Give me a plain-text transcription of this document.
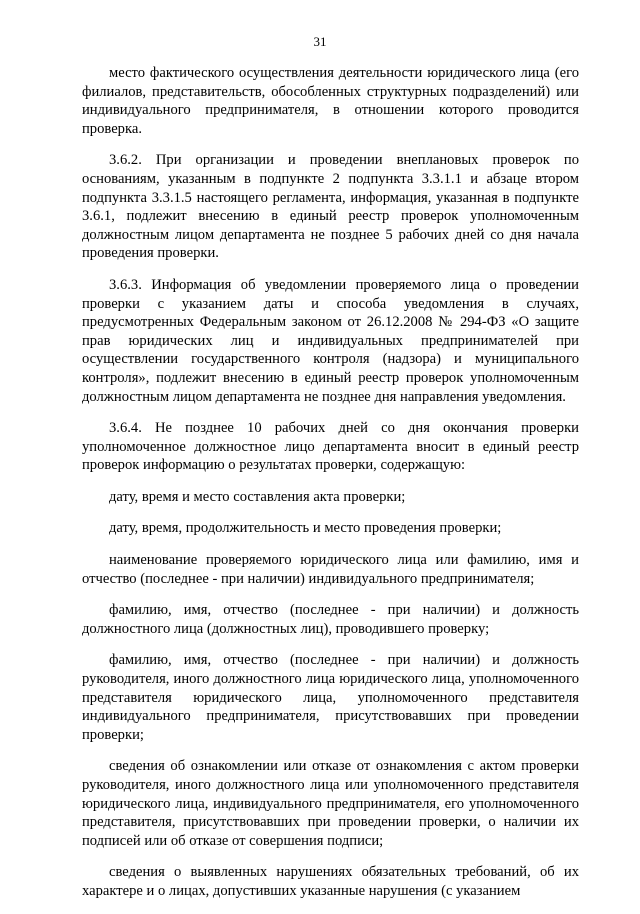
31

место фактического осуществления деятельности юридического лица (его филиалов, представительств, обособленных структурных подразделений) или индивидуального предпринимателя, в отношении которого проводится проверка.

3.6.2. При организации и проведении внеплановых проверок по основаниям, указанным в подпункте 2 подпункта 3.3.1.1 и абзаце втором подпункта 3.3.1.5 настоящего регламента, информация, указанная в подпункте 3.6.1, подлежит внесению в единый реестр проверок уполномоченным должностным лицом департамента не позднее 5 рабочих дней со дня начала проведения проверки.

3.6.3. Информация об уведомлении проверяемого лица о проведении проверки с указанием даты и способа уведомления в случаях, предусмотренных Федеральным законом от 26.12.2008 № 294-ФЗ «О защите прав юридических лиц и индивидуальных предпринимателей при осуществлении государственного контроля (надзора) и муниципального контроля», подлежит внесению в единый реестр проверок уполномоченным должностным лицом департамента не позднее дня направления уведомления.

3.6.4. Не позднее 10 рабочих дней со дня окончания проверки уполномоченное должностное лицо департамента вносит в единый реестр проверок информацию о результатах проверки, содержащую:

дату, время и место составления акта проверки;

дату, время, продолжительность и место проведения проверки;

наименование проверяемого юридического лица или фамилию, имя и отчество (последнее - при наличии) индивидуального предпринимателя;

фамилию, имя, отчество (последнее - при наличии) и должность должностного лица (должностных лиц), проводившего проверку;

фамилию, имя, отчество (последнее - при наличии) и должность руководителя, иного должностного лица юридического лица, уполномоченного представителя юридического лица, уполномоченного представителя индивидуального предпринимателя, присутствовавших при проведении проверки;

сведения об ознакомлении или отказе от ознакомления с актом проверки руководителя, иного должностного лица или уполномоченного представителя юридического лица, индивидуального предпринимателя, его уполномоченного представителя, присутствовавших при проведении проверки, о наличии их подписей или об отказе от совершения подписи;

сведения о выявленных нарушениях обязательных требований, об их характере и о лицах, допустивших указанные нарушения (с указанием
